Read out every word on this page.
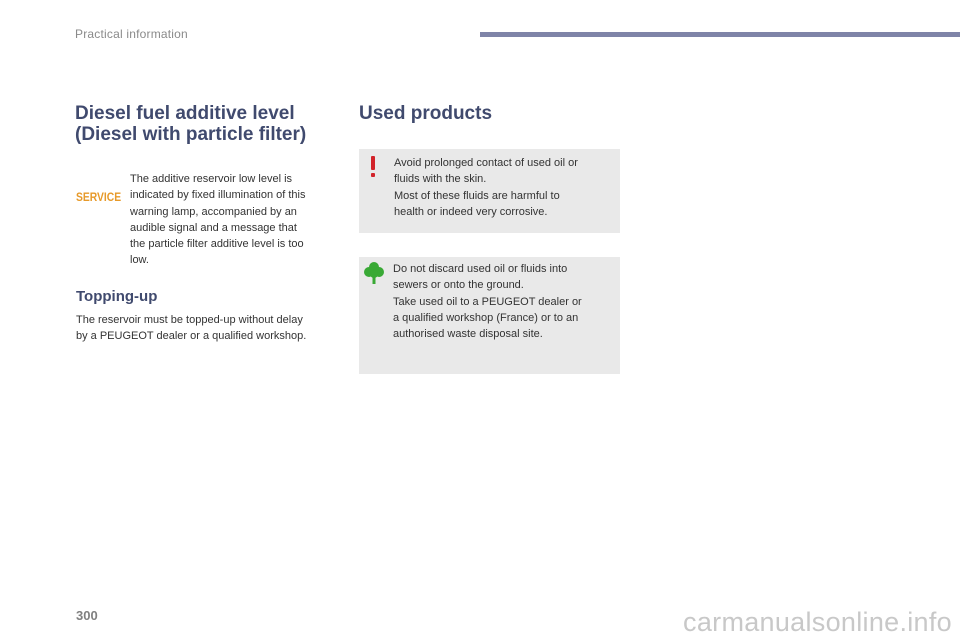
Practical information
Diesel fuel additive level
(Diesel with particle filter)
SERVICE

The additive reservoir low level is
indicated by fixed illumination of this
warning lamp, accompanied by an
audible signal and a message that
the particle filter additive level is too
low.

Topping-up

The reservoir must be topped-up without delay
by a PEUGEOT dealer or a qualified workshop.

Used products

Avoid prolonged contact of used oil or
fluids with the skin.
Most of these fluids are harmful to
health or indeed very corrosive.

Do not discard used oil or fluids into
sewers or onto the ground.
Take used oil to a PEUGEOT dealer or
a qualified workshop (France) or to an
authorised waste disposal site.

300	carmanualsonline.info
